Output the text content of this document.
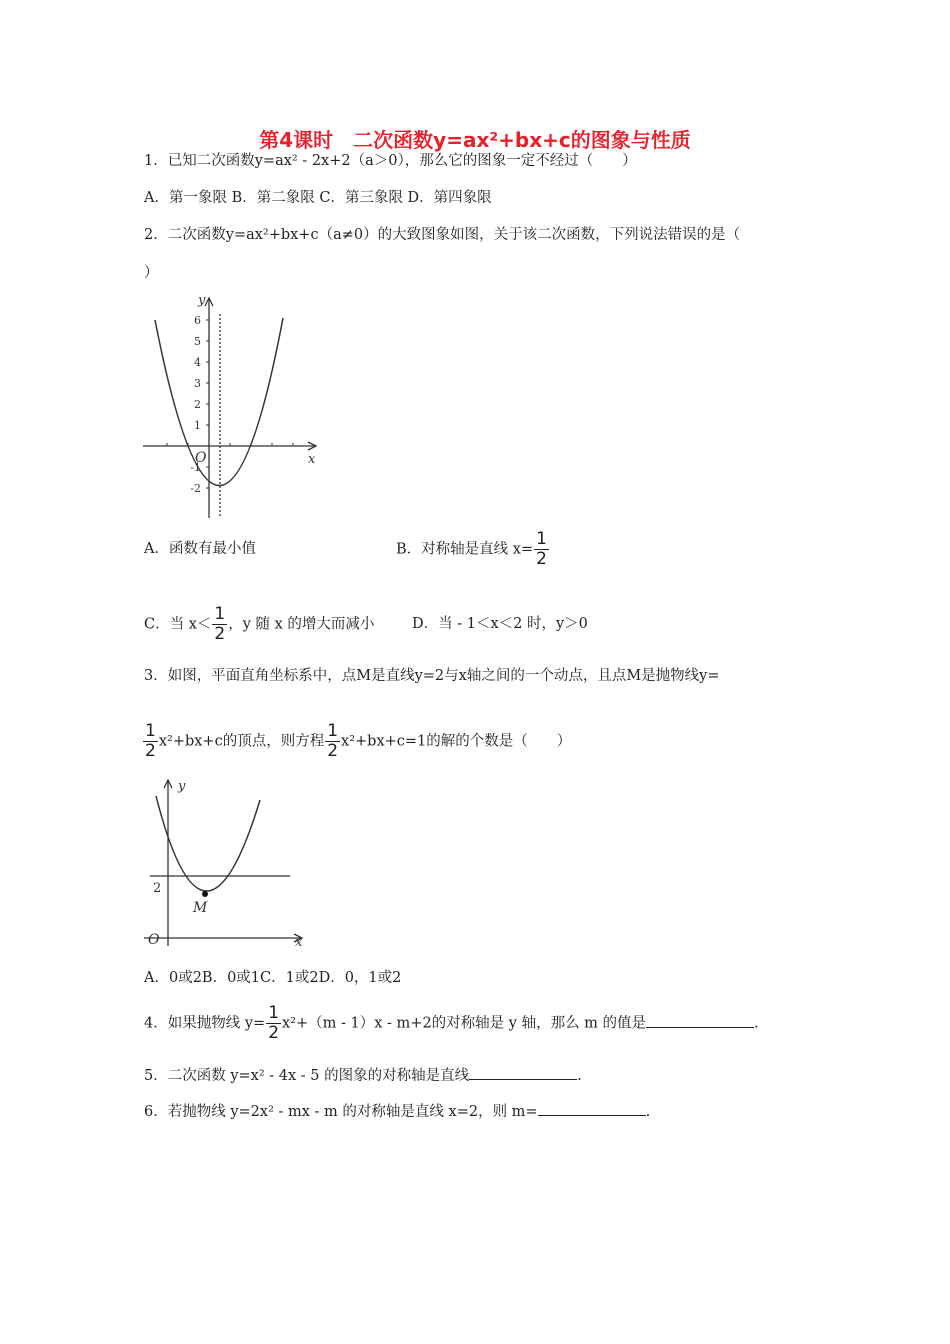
第4课时　二次函数y=ax²+bx+c的图象与性质
1．已知二次函数y=ax² - 2x+2（a＞0），那么它的图象一定不经过（　　）
A．第一象限 B．第二象限 C．第三象限 D．第四象限
2．二次函数y=ax²+bx+c（a≠0）的大致图象如图，关于该二次函数，下列说法错误的是（
）
6
5
4
3
2
1
-1
-2
O
y
x
A．函数有最小值	B．对称轴是直线 $x= \frac{1}{2}$
C．当 $x< \frac{1}{2}$ ，y 随 x 的增大而减小	D．当 - 1＜x＜2 时，y＞0
3．如图，平面直角坐标系中，点M是直线y=2与x轴之间的一个动点，且点M是抛物线y=
$\frac{1}{2} x^2+bx+c$的顶点，则方程 $\frac{1}{2} x^2+bx+c=1$的解的个数是（　　）
M
2
O
y
x
A．0或2B．0或1C．1或2D．0，1或2
4．如果抛物线 $y= \frac{1}{2} x^2+(m - 1)x - m+2$的对称轴是 y 轴，那么 m 的值是	.
5．二次函数 y=x² - 4x - 5 的图象的对称轴是直线	.
6．若抛物线 y=2x² - mx - m 的对称轴是直线 x=2，则 m=	.
